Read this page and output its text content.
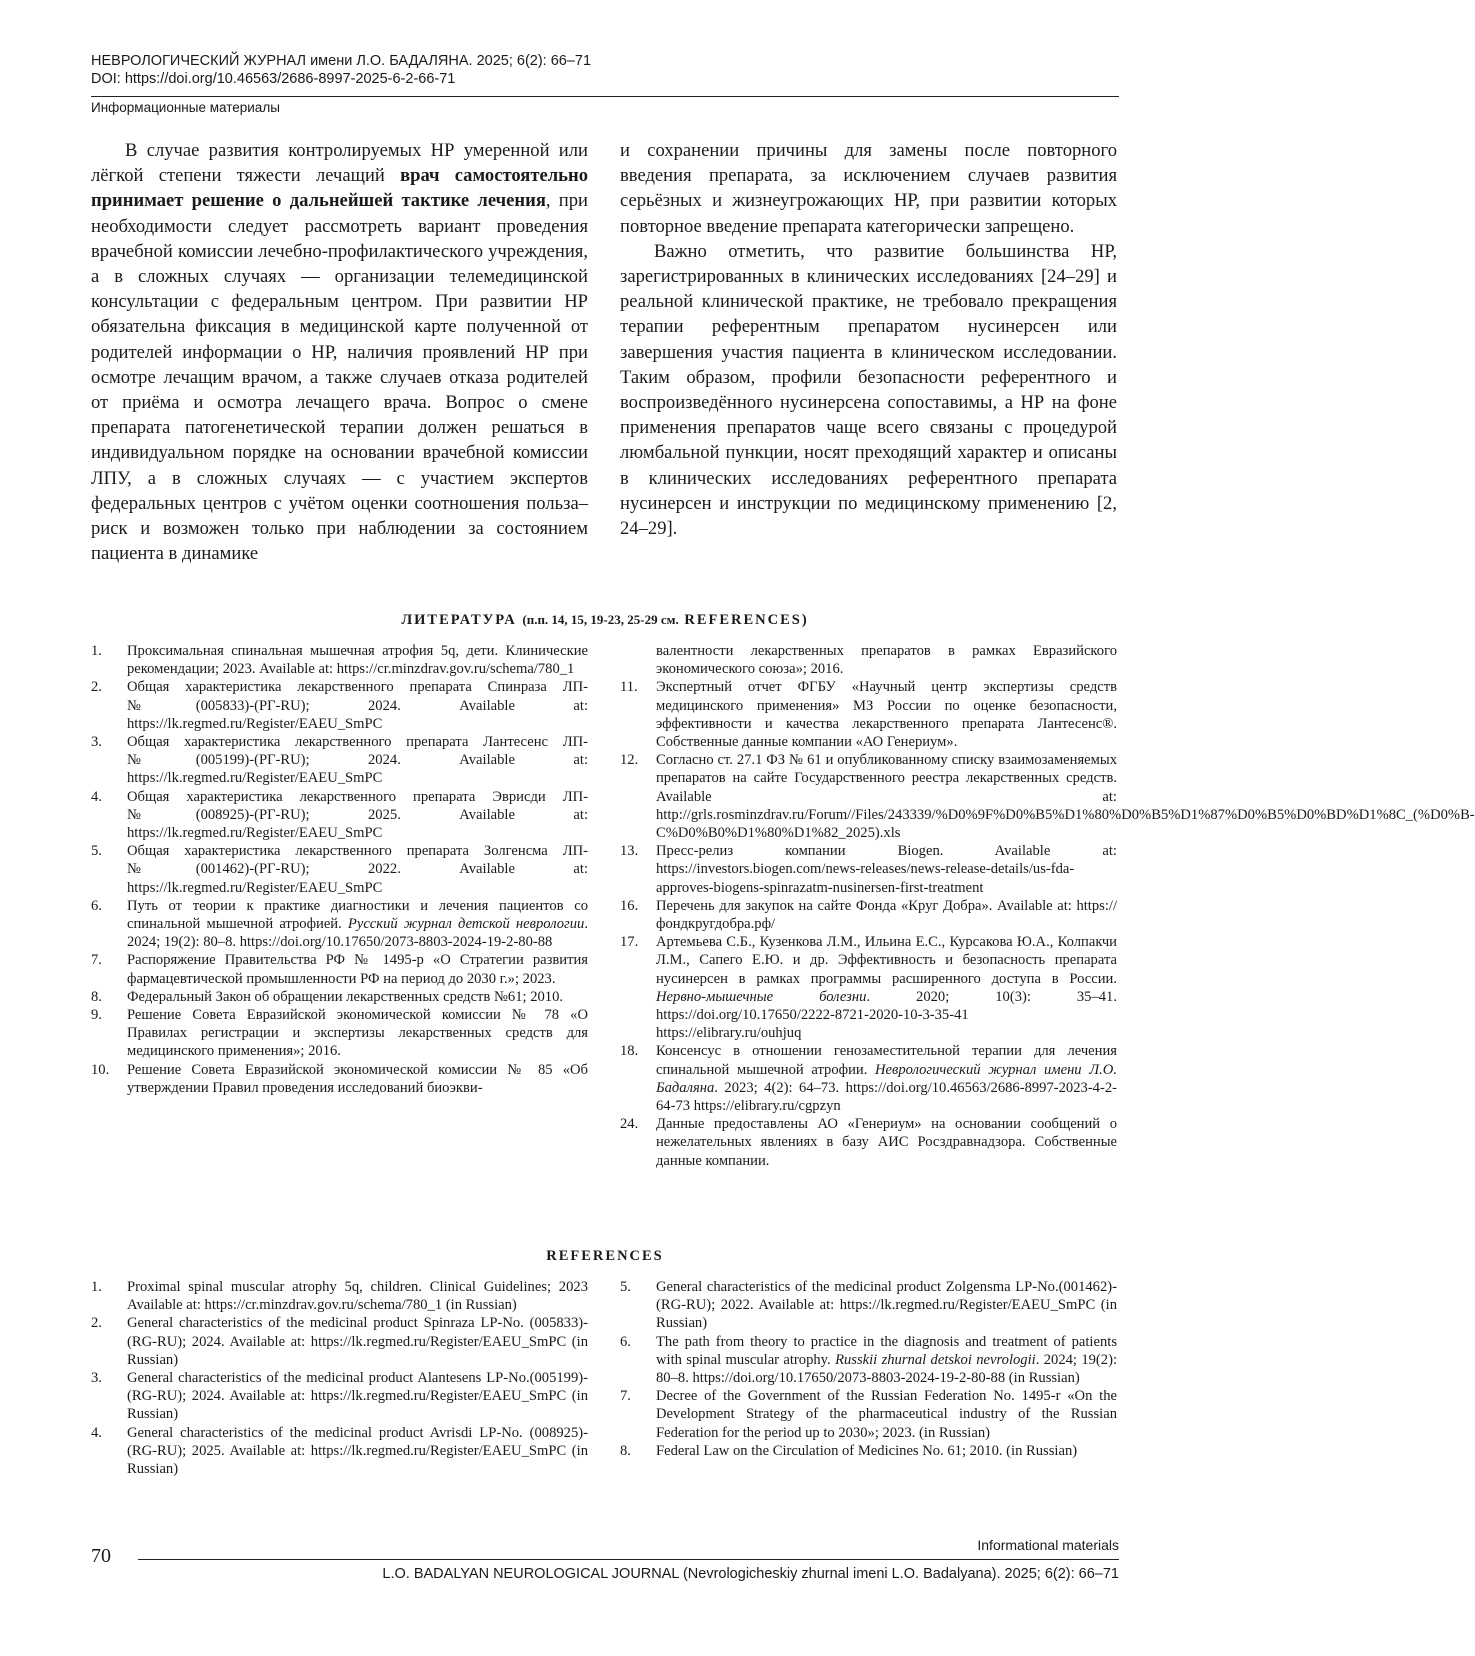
НЕВРОЛОГИЧЕСКИЙ ЖУРНАЛ имени Л.О. БАДАЛЯНА. 2025; 6(2): 66–71
DOI: https://doi.org/10.46563/2686-8997-2025-6-2-66-71
Информационные материалы

В случае развития контролируемых НР умеренной или лёгкой степени тяжести лечащий врач самостоятельно принимает решение о дальнейшей тактике лечения, при необходимости следует рассмотреть вариант проведения врачебной комиссии лечебно-профилактического учреждения, а в сложных случаях — организации телемедицинской консультации с федеральным центром. При развитии НР обязательна фиксация в медицинской карте полученной от родителей информации о НР, наличия проявлений НР при осмотре лечащим врачом, а также случаев отказа родителей от приёма и осмотра лечащего врача. Вопрос о смене препарата патогенетической терапии должен решаться в индивидуальном порядке на основании врачебной комиссии ЛПУ, а в сложных случаях — с участием экспертов федеральных центров с учётом оценки соотношения польза–риск и возможен только при наблюдении за состоянием пациента в динамике

и сохранении причины для замены после повторного введения препарата, за исключением случаев развития серьёзных и жизнеугрожающих НР, при развитии которых повторное введение препарата категорически запрещено.

Важно отметить, что развитие большинства НР, зарегистрированных в клинических исследованиях [24–29] и реальной клинической практике, не требовало прекращения терапии референтным препаратом нусинерсен или завершения участия пациента в клиническом исследовании. Таким образом, профили безопасности референтного и воспроизведённого нусинерсена сопоставимы, а НР на фоне применения препаратов чаще всего связаны с процедурой люмбальной пункции, носят преходящий характер и описаны в клинических исследованиях референтного препарата нусинерсен и инструкции по медицинскому применению [2, 24–29].

ЛИТЕРАТУРА (п.п. 14, 15, 19-23, 25-29 см. REFERENCES)
1. Проксимальная спинальная мышечная атрофия 5q, дети. Клинические рекомендации; 2023. Available at: https://cr.minzdrav.gov.ru/schema/780_1
2. Общая характеристика лекарственного препарата Спинраза ЛП-№(005833)-(РГ-RU); 2024. Available at: https://lk.regmed.ru/Register/EAEU_SmPC
3. Общая характеристика лекарственного препарата Лантесенс ЛП-№(005199)-(РГ-RU); 2024. Available at: https://lk.regmed.ru/Register/EAEU_SmPC
4. Общая характеристика лекарственного препарата Эврисди ЛП-№(008925)-(РГ-RU); 2025. Available at: https://lk.regmed.ru/Register/EAEU_SmPC
5. Общая характеристика лекарственного препарата Золгенсма ЛП-№(001462)-(РГ-RU); 2022. Available at: https://lk.regmed.ru/Register/EAEU_SmPC
6. Путь от теории к практике диагностики и лечения пациентов со спинальной мышечной атрофией. Русский журнал детской неврологии. 2024; 19(2): 80–8. https://doi.org/10.17650/2073-8803-2024-19-2-80-88
7. Распоряжение Правительства РФ № 1495-р «О Стратегии развития фармацевтической промышленности РФ на период до 2030 г.»; 2023.
8. Федеральный Закон об обращении лекарственных средств №61; 2010.
9. Решение Совета Евразийской экономической комиссии № 78 «О Правилах регистрации и экспертизы лекарственных средств для медицинского применения»; 2016.
10. Решение Совета Евразийской экономической комиссии № 85 «Об утверждении Правил проведения исследований биоэкви-
валентности лекарственных препаратов в рамках Евразийского экономического союза»; 2016.
11. Экспертный отчет ФГБУ «Научный центр экспертизы средств медицинского применения» МЗ России по оценке безопасности, эффективности и качества лекарственного препарата Лантесенс®. Собственные данные компании «АО Генериум».
12. Согласно ст. 27.1 ФЗ № 61 и опубликованному списку взаимозаменяемых препаратов на сайте Государственного реестра лекарственных средств. Available at: http://grls.rosminzdrav.ru/Forum//Files/243339/%D0%9F%D0%B5%D1%80%D0%B5%D1%87%D0%B5%D0%BD%D1%8C_(%D0%B-C%D0%B0%D1%80%D1%82_2025).xls
13. Пресс-релиз компании Biogen. Available at: https://investors.biogen.com/news-releases/news-release-details/us-fda-approves-biogens-spinrazatm-nusinersen-first-treatment
16. Перечень для закупок на сайте Фонда «Круг Добра». Available at: https://фондкругдобра.рф/
17. Артемьева С.Б., Кузенкова Л.М., Ильина Е.С., Курсакова Ю.А., Колпакчи Л.М., Сапего Е.Ю. и др. Эффективность и безопасность препарата нусинерсен в рамках программы расширенного доступа в России. Нервно-мышечные болезни. 2020; 10(3): 35–41. https://doi.org/10.17650/2222-8721-2020-10-3-35-41 https://elibrary.ru/ouhjuq
18. Консенсус в отношении генозаместительной терапии для лечения спинальной мышечной атрофии. Неврологический журнал имени Л.О. Бадаляна. 2023; 4(2): 64–73. https://doi.org/10.46563/2686-8997-2023-4-2-64-73 https://elibrary.ru/cgpzyn
24. Данные предоставлены АО «Генериум» на основании сообщений о нежелательных явлениях в базу АИС Росздравнадзора. Собственные данные компании.
REFERENCES
1. Proximal spinal muscular atrophy 5q, children. Clinical Guidelines; 2023 Available at: https://cr.minzdrav.gov.ru/schema/780_1 (in Russian)
2. General characteristics of the medicinal product Spinraza LP-No. (005833)-(RG-RU); 2024. Available at: https://lk.regmed.ru/Register/EAEU_SmPC (in Russian)
3. General characteristics of the medicinal product Alantesens LP-No.(005199)-(RG-RU); 2024. Available at: https://lk.regmed.ru/Register/EAEU_SmPC (in Russian)
4. General characteristics of the medicinal product Avrisdi LP-No. (008925)-(RG-RU); 2025. Available at: https://lk.regmed.ru/Register/EAEU_SmPC (in Russian)
5. General characteristics of the medicinal product Zolgensma LP-No.(001462)-(RG-RU); 2022. Available at: https://lk.regmed.ru/Register/EAEU_SmPC (in Russian)
6. The path from theory to practice in the diagnosis and treatment of patients with spinal muscular atrophy. Russkii zhurnal detskoi nevrologii. 2024; 19(2): 80–8. https://doi.org/10.17650/2073-8803-2024-19-2-80-88 (in Russian)
7. Decree of the Government of the Russian Federation No. 1495-r «On the Development Strategy of the pharmaceutical industry of the Russian Federation for the period up to 2030»; 2023. (in Russian)
8. Federal Law on the Circulation of Medicines No. 61; 2010. (in Russian)
Informational materials
70
L.O. BADALYAN NEUROLOGICAL JOURNAL (Nevrologicheskiy zhurnal imeni L.O. Badalyana). 2025; 6(2): 66–71
